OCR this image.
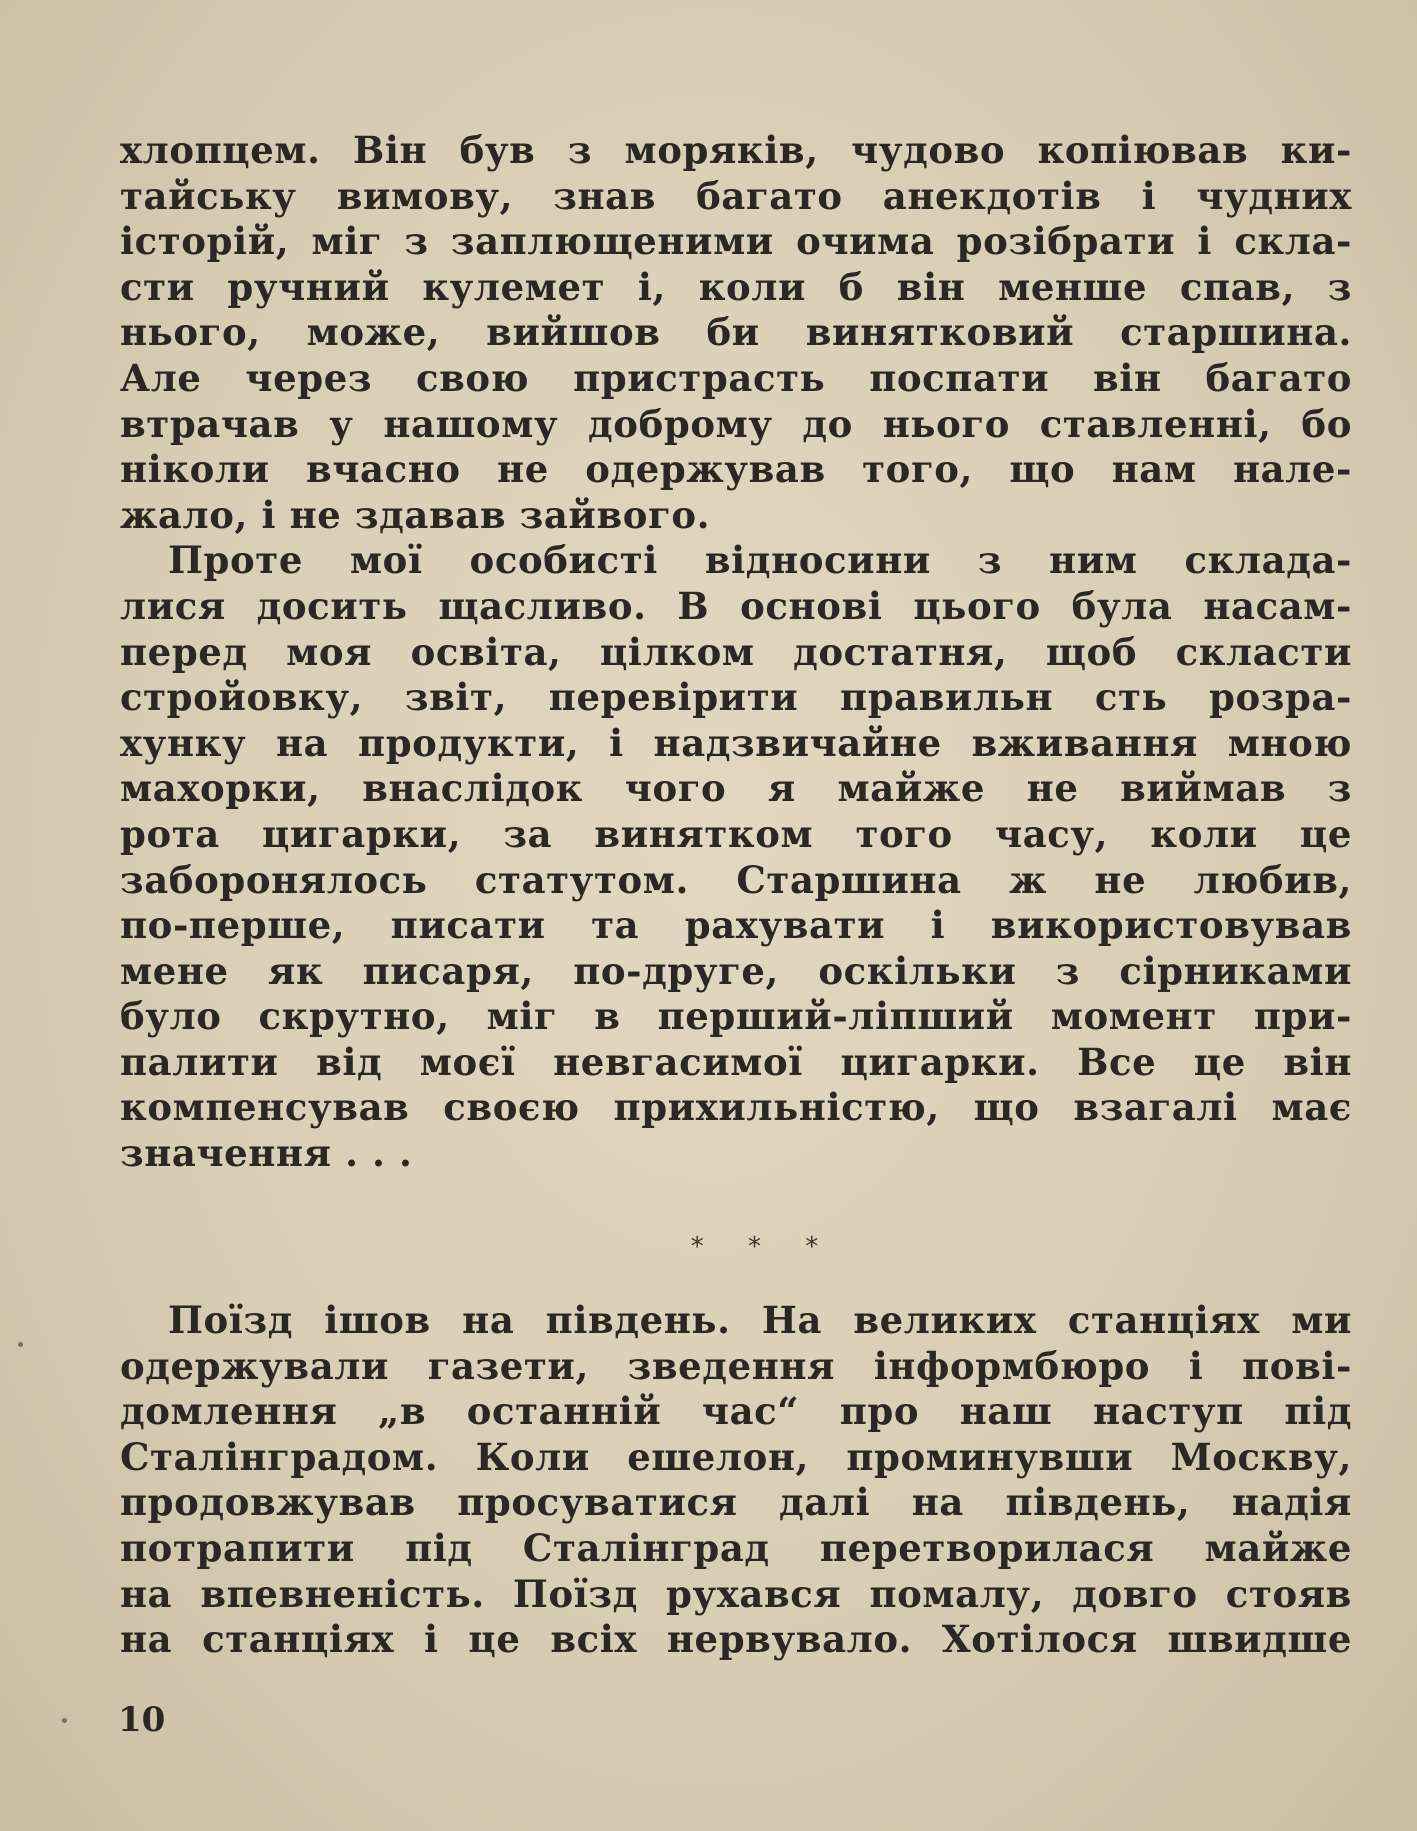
хлопцем. Він був з моряків, чудово копіював ки-
тайську вимову, знав багато анекдотів і чудних
історій, міг з заплющеними очима розібрати і скла-
сти ручний кулемет і, коли б він менше спав, з
нього, може, вийшов би винятковий старшина.
Але через свою пристрасть поспати він багато
втрачав у нашому доброму до нього ставленні, бо
ніколи вчасно не одержував того, що нам нале-
жало, і не здавав зайвого.
Проте мої особисті відносини з ним склада-
лися досить щасливо. В основі цього була насам-
перед моя освіта, цілком достатня, щоб скласти
стройовку, звіт, перевірити правильн сть розра-
хунку на продукти, і надзвичайне вживання мною
махорки, внаслідок чого я майже не виймав з
рота цигарки, за винятком того часу, коли це
заборонялось статутом. Старшина ж не любив,
по-перше, писати та рахувати і використовував
мене як писаря, по-друге, оскільки з сірниками
було скрутно, міг в перший-ліпший момент при-
палити від моєї невгасимої цигарки. Все це він
компенсував своєю прихильністю, що взагалі має
значення . . .
* * *
Поїзд ішов на південь. На великих станціях ми
одержували газети, зведення інформбюро і пові-
домлення „в останній час“ про наш наступ під
Сталінградом. Коли ешелон, проминувши Москву,
продовжував просуватися далі на південь, надія
потрапити під Сталінград перетворилася майже
на впевненість. Поїзд рухався помалу, довго стояв
на станціях і це всіх нервувало. Хотілося швидше
10
